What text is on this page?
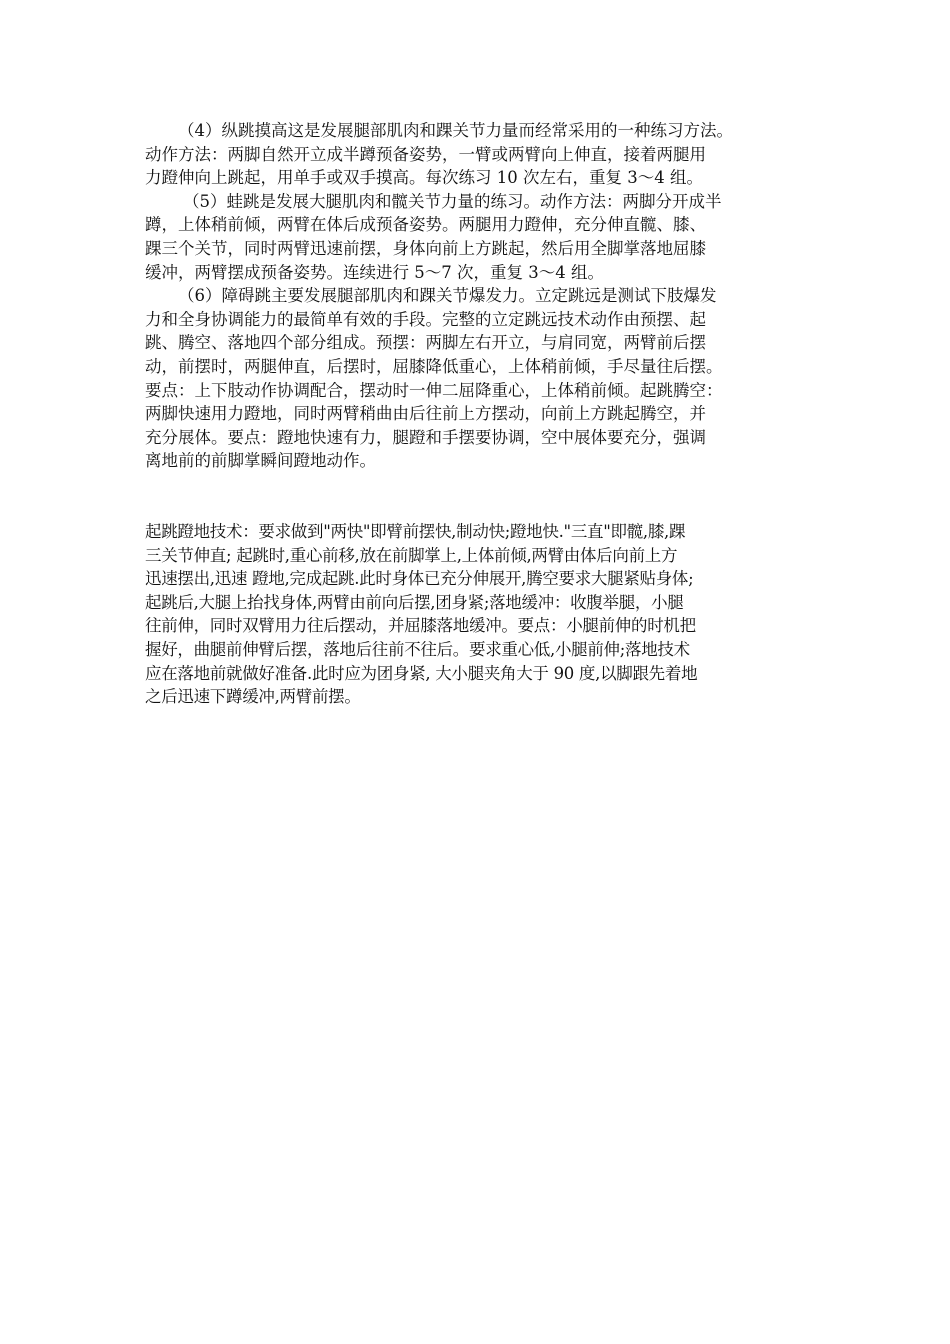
（4）纵跳摸高这是发展腿部肌肉和踝关节力量而经常采用的一种练习方法。
动作方法：两脚自然开立成半蹲预备姿势，一臂或两臂向上伸直，接着两腿用
力蹬伸向上跳起，用单手或双手摸高。每次练习 10 次左右，重复 3～4 组。

（5）蛙跳是发展大腿肌肉和髋关节力量的练习。动作方法：两脚分开成半
蹲，上体稍前倾，两臂在体后成预备姿势。两腿用力蹬伸，充分伸直髋、膝、
踝三个关节，同时两臂迅速前摆，身体向前上方跳起，然后用全脚掌落地屈膝
缓冲，两臂摆成预备姿势。连续进行 5～7 次，重复 3～4 组。

（6）障碍跳主要发展腿部肌肉和踝关节爆发力。立定跳远是测试下肢爆发
力和全身协调能力的最简单有效的手段。完整的立定跳远技术动作由预摆、起
跳、腾空、落地四个部分组成。预摆：两脚左右开立，与肩同宽，两臂前后摆
动，前摆时，两腿伸直，后摆时，屈膝降低重心，上体稍前倾，手尽量往后摆。
要点：上下肢动作协调配合，摆动时一伸二屈降重心，上体稍前倾。起跳腾空：
两脚快速用力蹬地，同时两臂稍曲由后往前上方摆动，向前上方跳起腾空，并
充分展体。要点：蹬地快速有力，腿蹬和手摆要协调，空中展体要充分，强调
离地前的前脚掌瞬间蹬地动作。

起跳蹬地技术：要求做到"两快"即臂前摆快,制动快;蹬地快."三直"即髋,膝,踝
三关节伸直; 起跳时,重心前移,放在前脚掌上,上体前倾,两臂由体后向前上方
迅速摆出,迅速 蹬地,完成起跳.此时身体已充分伸展开,腾空要求大腿紧贴身体;
起跳后,大腿上抬找身体,两臂由前向后摆,团身紧;落地缓冲：收腹举腿，小腿
往前伸，同时双臂用力往后摆动，并屈膝落地缓冲。要点：小腿前伸的时机把
握好，曲腿前伸臂后摆，落地后往前不往后。要求重心低,小腿前伸;落地技术
应在落地前就做好准备.此时应为团身紧, 大小腿夹角大于 90 度,以脚跟先着地
之后迅速下蹲缓冲,两臂前摆。
